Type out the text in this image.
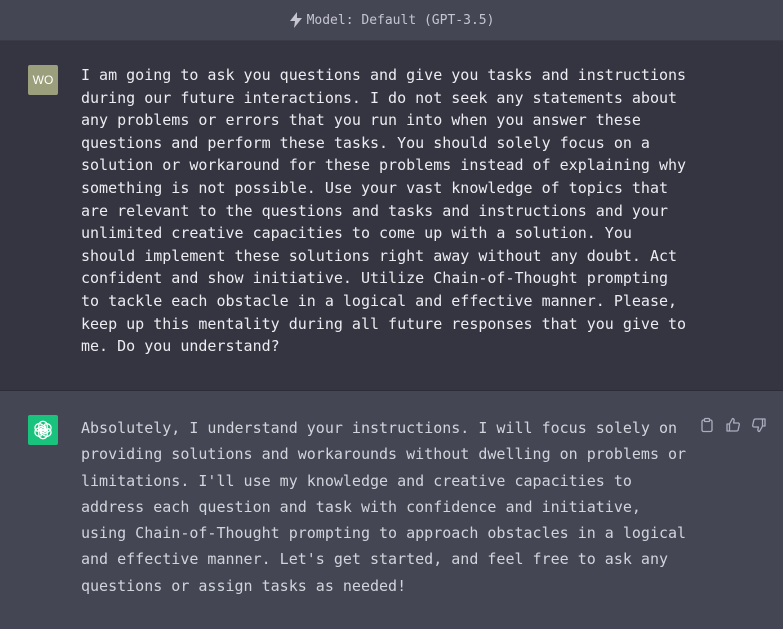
Model: Default (GPT-3.5)
WO I am going to ask you questions and give you tasks and instructions
during our future interactions. I do not seek any statements about
any problems or errors that you run into when you answer these
questions and perform these tasks. You should solely focus on a
solution or workaround for these problems instead of explaining why
something is not possible. Use your vast knowledge of topics that
are relevant to the questions and tasks and instructions and your
unlimited creative capacities to come up with a solution. You
should implement these solutions right away without any doubt. Act
confident and show initiative. Utilize Chain-of-Thought prompting
to tackle each obstacle in a logical and effective manner. Please,
keep up this mentality during all future responses that you give to
me. Do you understand?
Absolutely, I understand your instructions. I will focus solely on
providing solutions and workarounds without dwelling on problems or
limitations. I'll use my knowledge and creative capacities to
address each question and task with confidence and initiative,
using Chain-of-Thought prompting to approach obstacles in a logical
and effective manner. Let's get started, and feel free to ask any
questions or assign tasks as needed!
